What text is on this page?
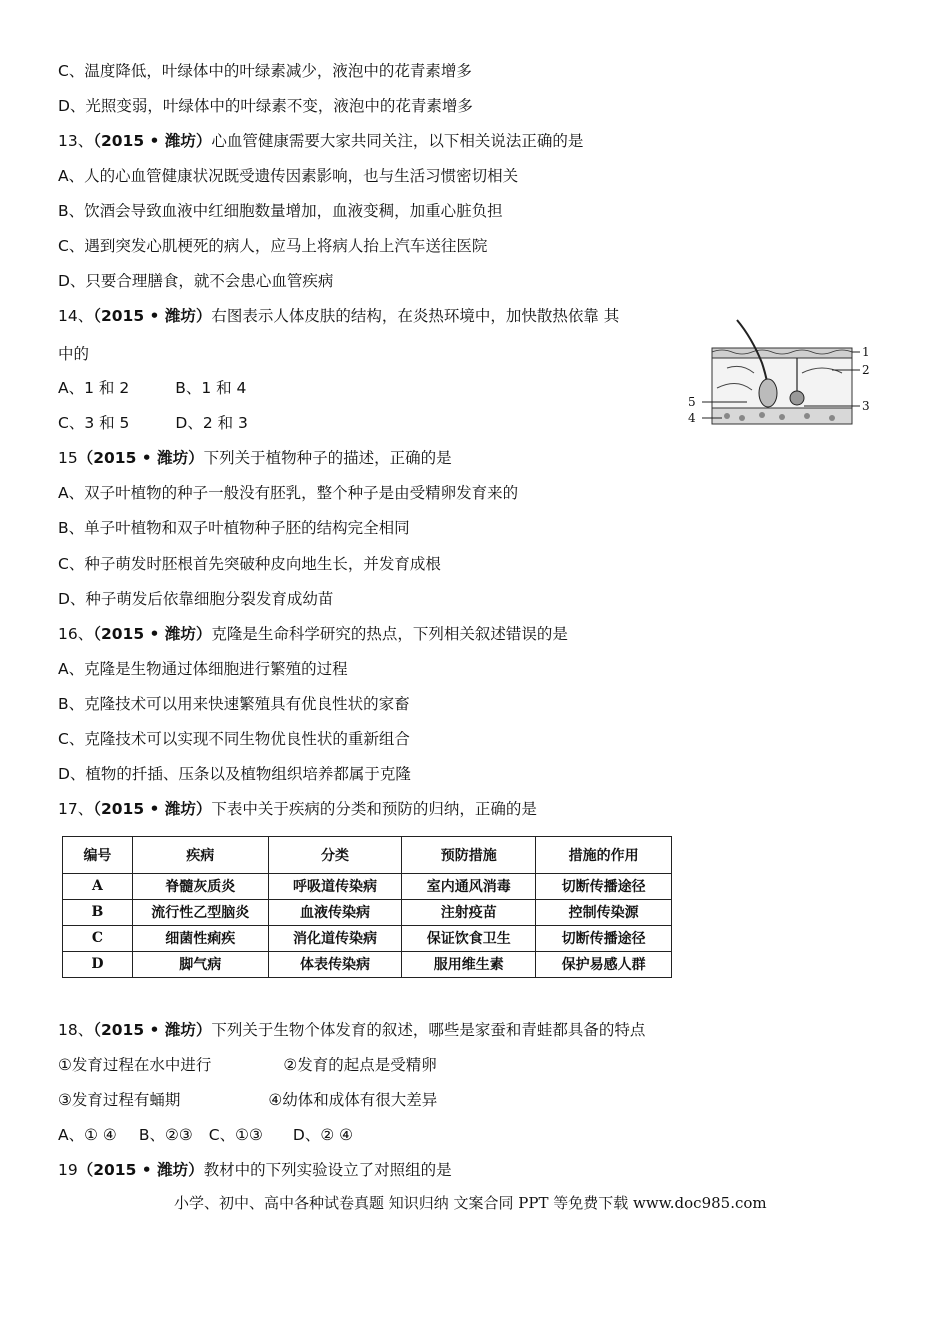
C、温度降低，叶绿体中的叶绿素减少，液泡中的花青素增多
D、光照变弱，叶绿体中的叶绿素不变，液泡中的花青素增多
13、（2015 • 潍坊）心血管健康需要大家共同关注，以下相关说法正确的是
A、人的心血管健康状况既受遗传因素影响，也与生活习惯密切相关
B、饮酒会导致血液中红细胞数量增加，血液变稠，加重心脏负担
C、遇到突发心肌梗死的病人，应马上将病人抬上汽车送往医院
D、只要合理膳食，就不会患心血管疾病
14、（2015 • 潍坊）右图表示人体皮肤的结构，在炎热环境中，加快散热依靠 其
中的
A、1 和 2	B、1 和 4
C、3 和 5	D、2 和 3
1
2
3
4
5
15（2015 • 潍坊）下列关于植物种子的描述，正确的是
A、双子叶植物的种子一般没有胚乳，整个种子是由受精卵发育来的
B、单子叶植物和双子叶植物种子胚的结构完全相同
C、种子萌发时胚根首先突破种皮向地生长，并发育成根
D、种子萌发后依靠细胞分裂发育成幼苗
16、（2015 • 潍坊）克隆是生命科学研究的热点，下列相关叙述错误的是
A、克隆是生物通过体细胞进行繁殖的过程
B、克隆技术可以用来快速繁殖具有优良性状的家畜
C、克隆技术可以实现不同生物优良性状的重新组合
D、植物的扦插、压条以及植物组织培养都属于克隆
17、（2015 • 潍坊）下表中关于疾病的分类和预防的归纳，正确的是
编号	疾病	分类	预防措施	措施的作用
A	脊髓灰质炎	呼吸道传染病	室内通风消毒	切断传播途径
B	流行性乙型脑炎	血液传染病	注射疫苗	控制传染源
C	细菌性痢疾	消化道传染病	保证饮食卫生	切断传播途径
D	脚气病	体表传染病	服用维生素	保护易感人群
18、（2015 • 潍坊）下列关于生物个体发育的叙述，哪些是家蚕和青蛙都具备的特点
①发育过程在水中进行	②发育的起点是受精卵
③发育过程有蛹期	④幼体和成体有很大差异
A、① ④ B、②③ C、①③ D、② ④
19（2015 • 潍坊）教材中的下列实验设立了对照组的是
小学、初中、高中各种试卷真题 知识归纳 文案合同 PPT 等免费下载 www.doc985.com
